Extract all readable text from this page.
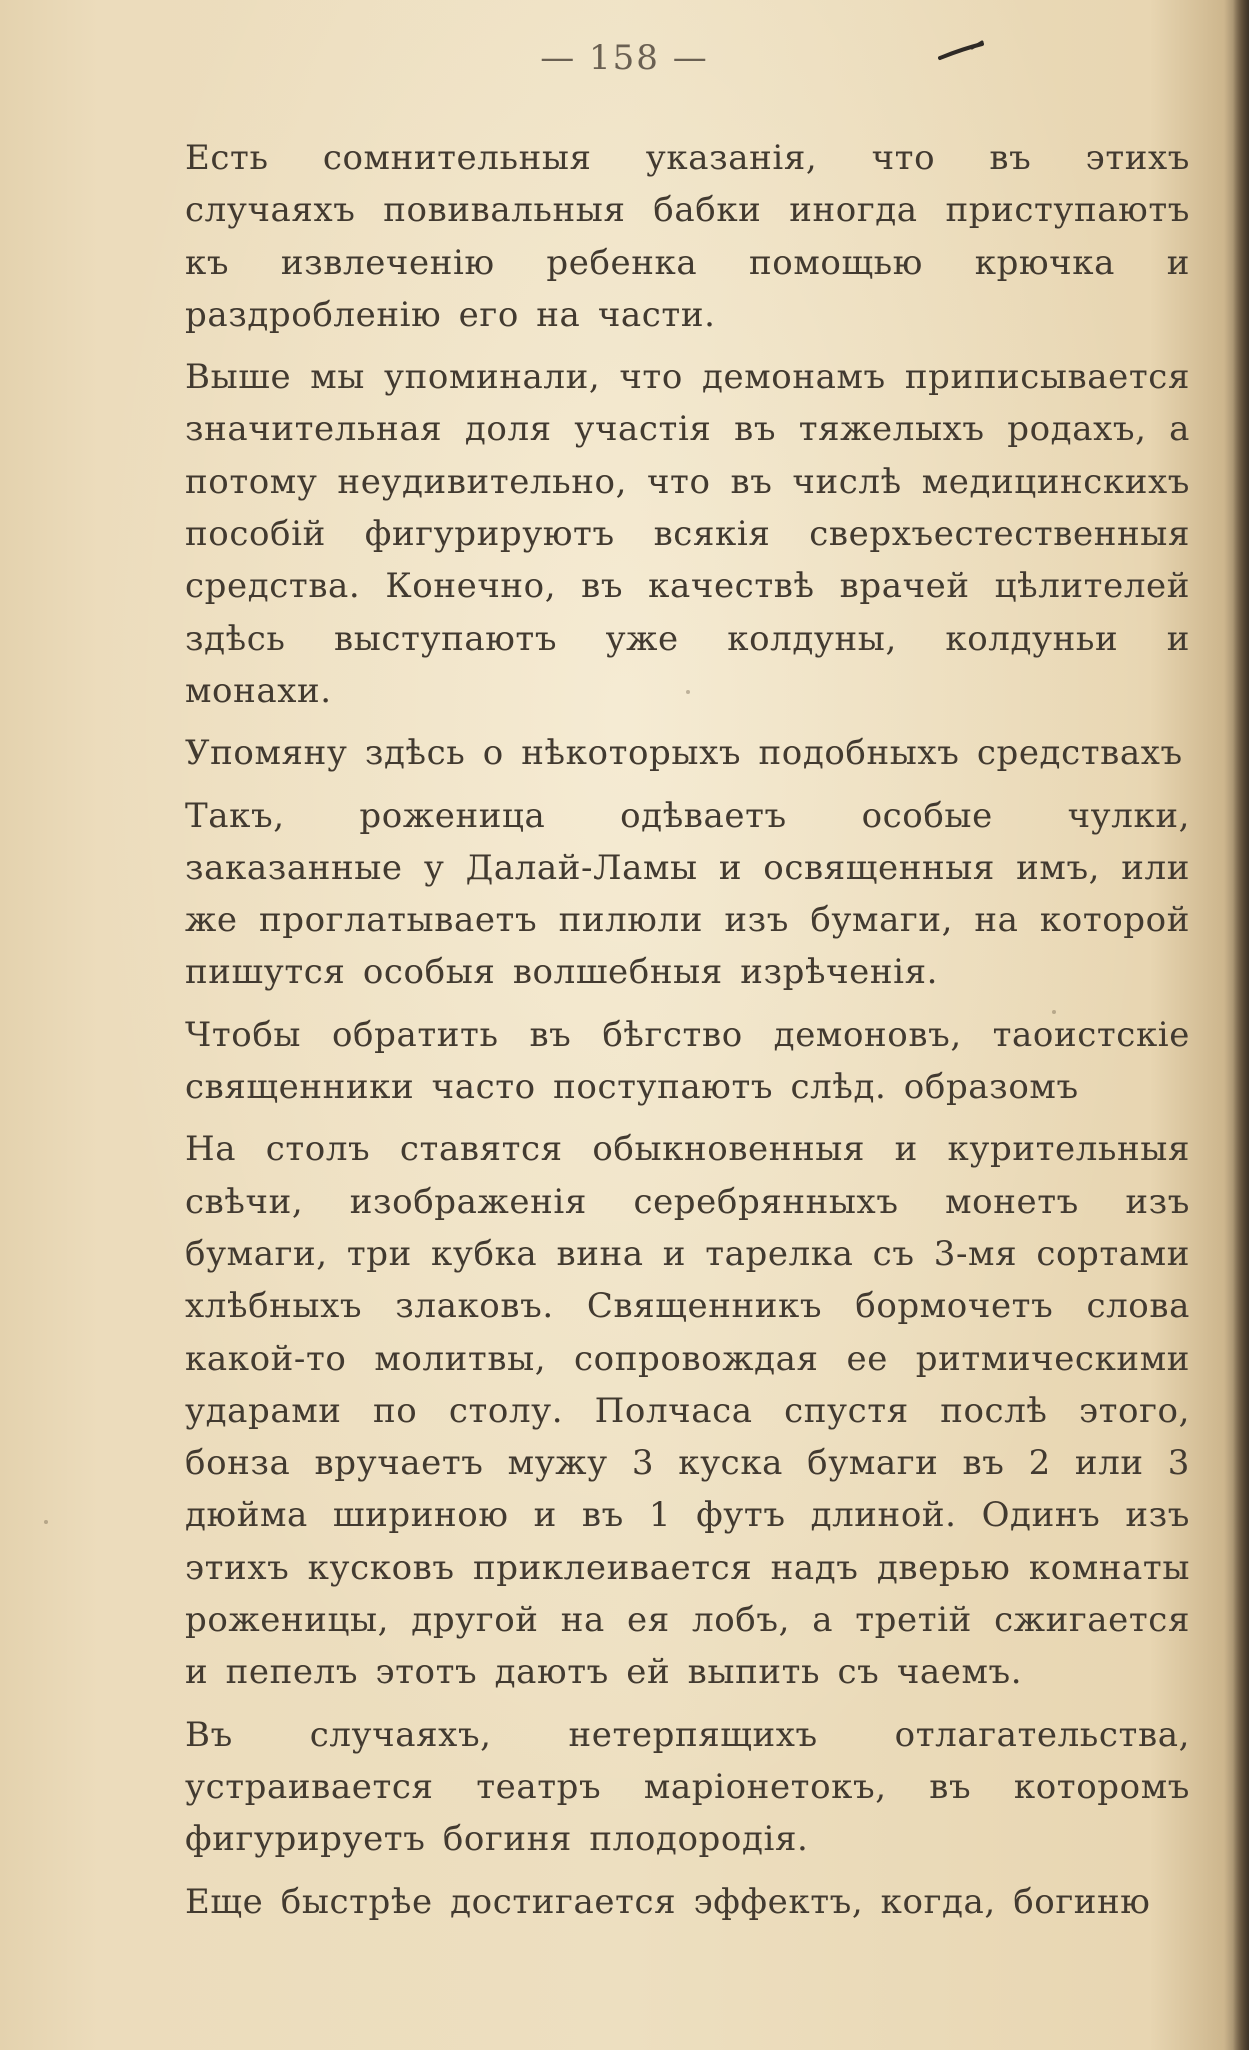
— 158 —

Есть сомнительныя указанія, что въ этихъ случаяхъ повивальныя бабки иногда приступаютъ къ извлеченію ребенка помощью крючка и раздробленію его на части.

Выше мы упоминали, что демонамъ приписывается значительная доля участія въ тяжелыхъ родахъ, а потому неудивительно, что въ числѣ медицинскихъ пособій фигурируютъ всякія сверхъестественныя средства. Конечно, въ качествѣ врачей цѣлителей здѣсь выступаютъ уже колдуны, колдуньи и монахи.

Упомяну здѣсь о нѣкоторыхъ подобныхъ средствахъ

Такъ, роженица одѣваетъ особые чулки, заказанные у Далай-Ламы и освященныя имъ, или же проглатываетъ пилюли изъ бумаги, на которой пишутся особыя волшебныя изрѣченія.

Чтобы обратить въ бѣгство демоновъ, таоистскіе священники часто поступаютъ слѣд. образомъ

На столъ ставятся обыкновенныя и курительныя свѣчи, изображенія серебрянныхъ монетъ изъ бумаги, три кубка вина и тарелка съ 3-мя сортами хлѣбныхъ злаковъ. Священникъ бормочетъ слова какой-то молитвы, сопровождая ее ритмическими ударами по столу. Полчаса спустя послѣ этого, бонза вручаетъ мужу 3 куска бумаги въ 2 или 3 дюйма шириною и въ 1 футъ длиной. Одинъ изъ этихъ кусковъ приклеивается надъ дверью комнаты роженицы, другой на ея лобъ, а третій сжигается и пепелъ этотъ даютъ ей выпить съ чаемъ.

Въ случаяхъ, нетерпящихъ отлагательства, устраивается театръ маріонетокъ, въ которомъ фигурируетъ богиня плодородія.

Еще быстрѣе достигается эффектъ, когда, богиню
